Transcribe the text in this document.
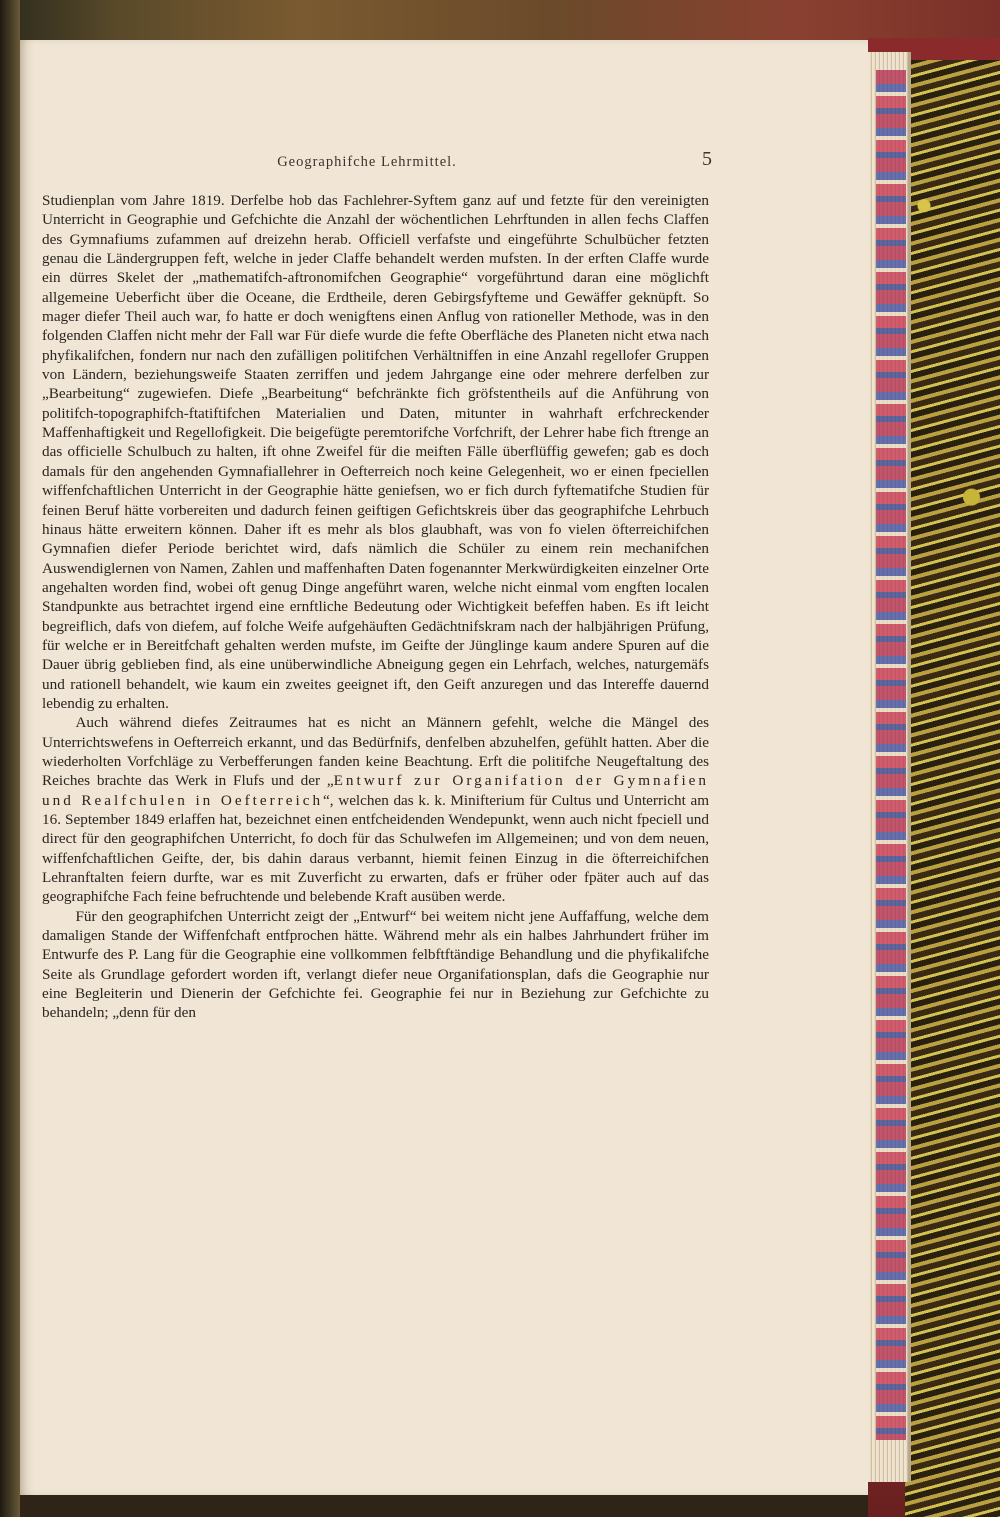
Geographifche Lehrmittel.	5

Studienplan vom Jahre 1819. Derfelbe hob das Fachlehrer-Syftem ganz auf und fetzte für den vereinigten Unterricht in Geographie und Gefchichte die Anzahl der wöchentlichen Lehrftunden in allen fechs Claffen des Gymnafiums zufammen auf dreizehn herab. Officiell verfafste und eingeführte Schulbücher fetzten genau die Ländergruppen feft, welche in jeder Claffe behandelt werden mufsten. In der erften Claffe wurde ein dürres Skelet der „mathematifch-aftronomifchen Geographie“ vorgeführtund daran eine möglichft allgemeine Ueberficht über die Oceane, die Erdtheile, deren Gebirgsfyfteme und Gewäffer geknüpft. So mager diefer Theil auch war, fo hatte er doch wenigftens einen Anflug von rationeller Methode, was in den folgenden Claffen nicht mehr der Fall war Für diefe wurde die fefte Oberfläche des Planeten nicht etwa nach phyfikalifchen, fondern nur nach den zufälligen politifchen Verhältniffen in eine Anzahl regellofer Gruppen von Ländern, beziehungsweife Staaten zerriffen und jedem Jahrgange eine oder mehrere derfelben zur „Bearbeitung“ zugewiefen. Diefe „Bearbeitung“ befchränkte fich gröfstentheils auf die Anführung von politifch-topographifch-ftatiftifchen Materialien und Daten, mitunter in wahrhaft erfchreckender Maffenhaftigkeit und Regellofigkeit. Die beigefügte peremtorifche Vorfchrift, der Lehrer habe fich ftrenge an das officielle Schulbuch zu halten, ift ohne Zweifel für die meiften Fälle überflüffig gewefen; gab es doch damals für den angehenden Gymnafiallehrer in Oefterreich noch keine Gelegenheit, wo er einen fpeciellen wiffenfchaftlichen Unterricht in der Geographie hätte geniefsen, wo er fich durch fyftematifche Studien für feinen Beruf hätte vorbereiten und dadurch feinen geiftigen Gefichtskreis über das geographifche Lehrbuch hinaus hätte erweitern können. Daher ift es mehr als blos glaubhaft, was von fo vielen öfterreichifchen Gymnafien diefer Periode berichtet wird, dafs nämlich die Schüler zu einem rein mechanifchen Auswendiglernen von Namen, Zahlen und maffenhaften Daten fogenannter Merkwürdigkeiten einzelner Orte angehalten worden find, wobei oft genug Dinge angeführt waren, welche nicht einmal vom engften localen Standpunkte aus betrachtet irgend eine ernftliche Bedeutung oder Wichtigkeit befeffen haben. Es ift leicht begreiflich, dafs von diefem, auf folche Weife aufgehäuften Gedächtnifskram nach der halbjährigen Prüfung, für welche er in Bereitfchaft gehalten werden mufste, im Geifte der Jünglinge kaum andere Spuren auf die Dauer übrig geblieben find, als eine unüberwindliche Abneigung gegen ein Lehrfach, welches, naturgemäfs und rationell behandelt, wie kaum ein zweites geeignet ift, den Geift anzuregen und das Intereffe dauernd lebendig zu erhalten.

Auch während diefes Zeitraumes hat es nicht an Männern gefehlt, welche die Mängel des Unterrichtswefens in Oefterreich erkannt, und das Bedürfnifs, denfelben abzuhelfen, gefühlt hatten. Aber die wiederholten Vorfchläge zu Verbefferungen fanden keine Beachtung. Erft die politifche Neugeftaltung des Reiches brachte das Werk in Flufs und der „Entwurf zur Organifation der Gymnafien und Realfchulen in Oefterreich“, welchen das k. k. Minifterium für Cultus und Unterricht am 16. September 1849 erlaffen hat, bezeichnet einen entfcheidenden Wendepunkt, wenn auch nicht fpeciell und direct für den geographifchen Unterricht, fo doch für das Schulwefen im Allgemeinen; und von dem neuen, wiffenfchaftlichen Geifte, der, bis dahin daraus verbannt, hiemit feinen Einzug in die öfterreichifchen Lehranftalten feiern durfte, war es mit Zuverficht zu erwarten, dafs er früher oder fpäter auch auf das geographifche Fach feine befruchtende und belebende Kraft ausüben werde.

Für den geographifchen Unterricht zeigt der „Entwurf“ bei weitem nicht jene Auffaffung, welche dem damaligen Stande der Wiffenfchaft entfprochen hätte. Während mehr als ein halbes Jahrhundert früher im Entwurfe des P. Lang für die Geographie eine vollkommen felbftftändige Behandlung und die phyfikalifche Seite als Grundlage gefordert worden ift, verlangt diefer neue Organifationsplan, dafs die Geographie nur eine Begleiterin und Dienerin der Gefchichte fei. Geographie fei nur in Beziehung zur Gefchichte zu behandeln; „denn für den
